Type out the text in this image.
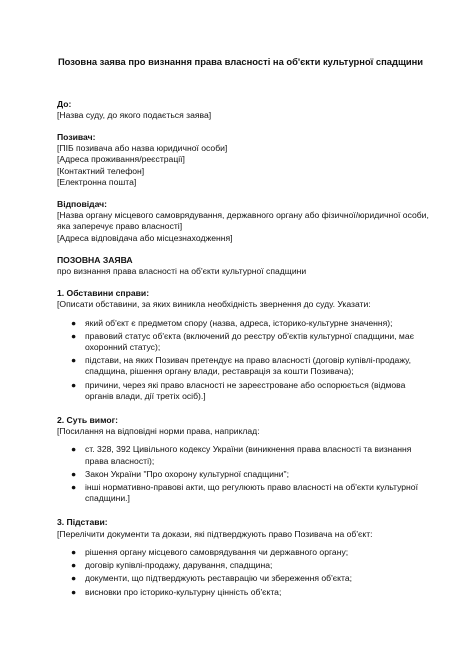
Позовна заява про визнання права власності на об'єкти культурної спадщини
До:
[Назва суду, до якого подається заява]
Позивач:
[ПІБ позивача або назва юридичної особи]
[Адреса проживання/реєстрації]
[Контактний телефон]
[Електронна пошта]
Відповідач:
[Назва органу місцевого самоврядування, державного органу або фізичної/юридичної особи, яка заперечує право власності]
[Адреса відповідача або місцезнаходження]
ПОЗОВНА ЗАЯВА
про визнання права власності на об'єкти культурної спадщини
1. Обставини справи:
[Описати обставини, за яких виникла необхідність звернення до суду. Указати:
●	який об'єкт є предметом спору (назва, адреса, історико-культурне значення);
●	правовий статус об'єкта (включений до реєстру об'єктів культурної спадщини, має охоронний статус);
●	підстави, на яких Позивач претендує на право власності (договір купівлі-продажу, спадщина, рішення органу влади, реставрація за кошти Позивача);
●	причини, через які право власності не зареєстроване або оспорюється (відмова органів влади, дії третіх осіб).]
2. Суть вимог:
[Посилання на відповідні норми права, наприклад:
●	ст. 328, 392 Цивільного кодексу України (виникнення права власності та визнання права власності);
●	Закон України "Про охорону культурної спадщини";
●	інші нормативно-правові акти, що регулюють право власності на об'єкти культурної спадщини.]
3. Підстави:
[Перелічити документи та докази, які підтверджують право Позивача на об'єкт:
●	рішення органу місцевого самоврядування чи державного органу;
●	договір купівлі-продажу, дарування, спадщина;
●	документи, що підтверджують реставрацію чи збереження об'єкта;
●	висновки про історико-культурну цінність об'єкта;
